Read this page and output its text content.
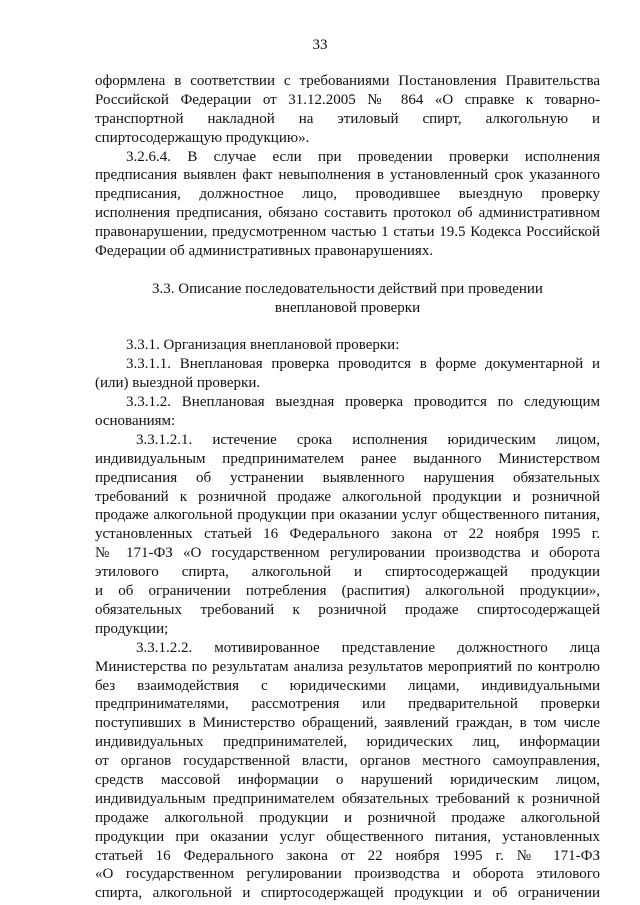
33
оформлена в соответствии с требованиями Постановления Правительства
Российской Федерации от 31.12.2005 № 864 «О справке к товарно-
транспортной накладной на этиловый спирт, алкогольную и
спиртосодержащую продукцию».
3.2.6.4. В случае если при проведении проверки исполнения
предписания выявлен факт невыполнения в установленный срок указанного
предписания, должностное лицо, проводившее выездную проверку
исполнения предписания, обязано составить протокол об административном
правонарушении, предусмотренном частью 1 статьи 19.5 Кодекса Российской
Федерации об административных правонарушениях.
3.3. Описание последовательности действий при проведении
внеплановой проверки
3.3.1. Организация внеплановой проверки:
3.3.1.1. Внеплановая проверка проводится в форме документарной и
(или) выездной проверки.
3.3.1.2. Внеплановая выездная проверка проводится по следующим
основаниям:
3.3.1.2.1. истечение срока исполнения юридическим лицом,
индивидуальным предпринимателем ранее выданного Министерством
предписания об устранении выявленного нарушения обязательных
требований к розничной продаже алкогольной продукции и розничной
продаже алкогольной продукции при оказании услуг общественного питания,
установленных статьей 16 Федерального закона от 22 ноября 1995 г.
№ 171-ФЗ «О государственном регулировании производства и оборота
этилового спирта, алкогольной и спиртосодержащей продукции
и об ограничении потребления (распития) алкогольной продукции»,
обязательных требований к розничной продаже спиртосодержащей
продукции;
3.3.1.2.2. мотивированное представление должностного лица
Министерства по результатам анализа результатов мероприятий по контролю
без взаимодействия с юридическими лицами, индивидуальными
предпринимателями, рассмотрения или предварительной проверки
поступивших в Министерство обращений, заявлений граждан, в том числе
индивидуальных предпринимателей, юридических лиц, информации
от органов государственной власти, органов местного самоуправления,
средств массовой информации о нарушений юридическим лицом,
индивидуальным предпринимателем обязательных требований к розничной
продаже алкогольной продукции и розничной продаже алкогольной
продукции при оказании услуг общественного питания, установленных
статьей 16 Федерального закона от 22 ноября 1995 г. № 171-ФЗ
«О государственном регулировании производства и оборота этилового
спирта, алкогольной и спиртосодержащей продукции и об ограничении
